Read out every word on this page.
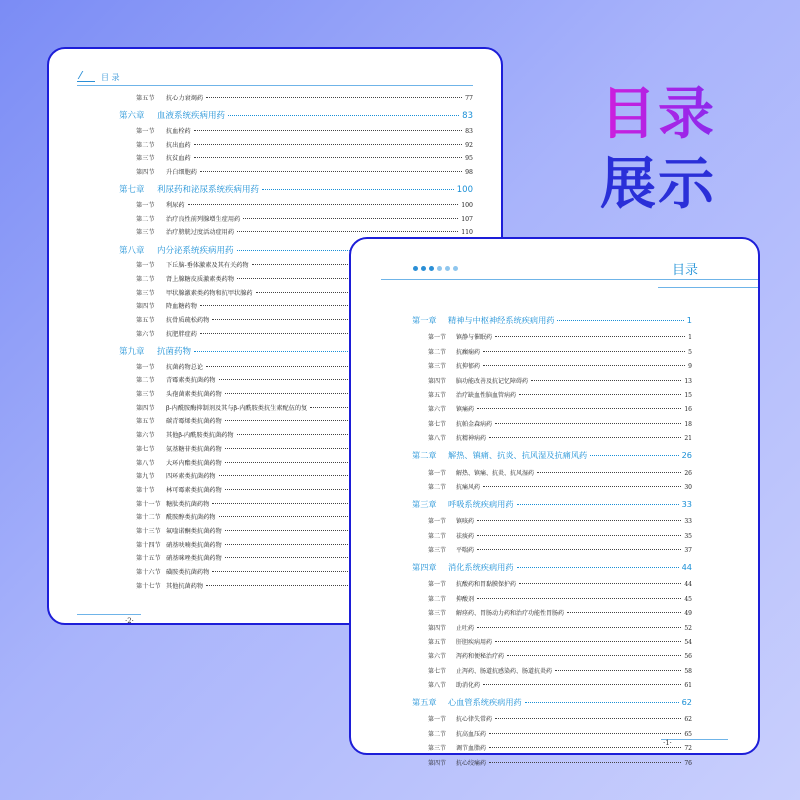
目 录
第五节	抗心力衰竭药	77
第六章	血液系统疾病用药	83
第一节	抗血栓药	83
第二节	抗出血药	92
第三节	抗贫血药	95
第四节	升白细胞药	98
第七章	利尿药和泌尿系统疾病用药	100
第一节	利尿药	100
第二节	治疗良性前列腺增生症用药	107
第三节	治疗膀胱过度活动症用药	110
第八章	内分泌系统疾病用药
第一节	下丘脑-垂体激素及其有关药物
第二节	肾上腺糖皮质激素类药物
第三节	甲状腺激素类药物和抗甲状腺药
第四节	降血糖药物
第五节	抗骨质疏松药物
第六节	抗肥胖症药
第九章	抗菌药物
第一节	抗菌药物总论
第二节	青霉素类抗菌药物
第三节	头孢菌素类抗菌药物
第四节	β-内酰胺酶抑制剂及其与β-内酰胺类抗生素配伍的复
第五节	碳青霉烯类抗菌药物
第六节	其他β-内酰胺类抗菌药物
第七节	氨基糖苷类抗菌药物
第八节	大环内酯类抗菌药物
第九节	四环素类抗菌药物
第十节	林可霉素类抗菌药物
第十一节 糖肽类抗菌药物
第十二节 酰胺醇类抗菌药物
第十三节 氟喹诺酮类抗菌药物
第十四节 硝基呋喃类抗菌药物
第十五节 硝基咪唑类抗菌药物
第十六节 磺胺类抗菌药物
第十七节 其他抗菌药物
·2·
目录
第一章	精神与中枢神经系统疾病用药	1
第一节	镇静与催眠药	1
第二节	抗癫痫药	5
第三节	抗抑郁药	9
第四节	脑功能改善及抗记忆障碍药	13
第五节	治疗缺血性脑血管病药	15
第六节	镇痛药	16
第七节	抗帕金森病药	18
第八节	抗精神病药	21
第二章	解热、镇痛、抗炎、抗风湿及抗痛风药	26
第一节	解热、镇痛、抗炎、抗风湿药	26
第二节	抗痛风药	30
第三章	呼吸系统疾病用药	33
第一节	镇咳药	33
第二节	祛痰药	35
第三节	平喘药	37
第四章	消化系统疾病用药	44
第一节	抗酸药和胃黏膜保护药	44
第二节	抑酸剂	45
第三节	解痉药、胃肠动力药和治疗功能性胃肠药	49
第四节	止吐药	52
第五节	肝胆疾病用药	54
第六节	泻药和便秘治疗药	56
第七节	止泻药、肠道抗感染药、肠道抗炎药	58
第八节	助消化药	61
第五章	心血管系统疾病用药	62
第一节	抗心律失常药	62
第二节	抗高血压药	65
第三节	调节血脂药	72
第四节	抗心绞痛药	76
·1·
目录
展示
